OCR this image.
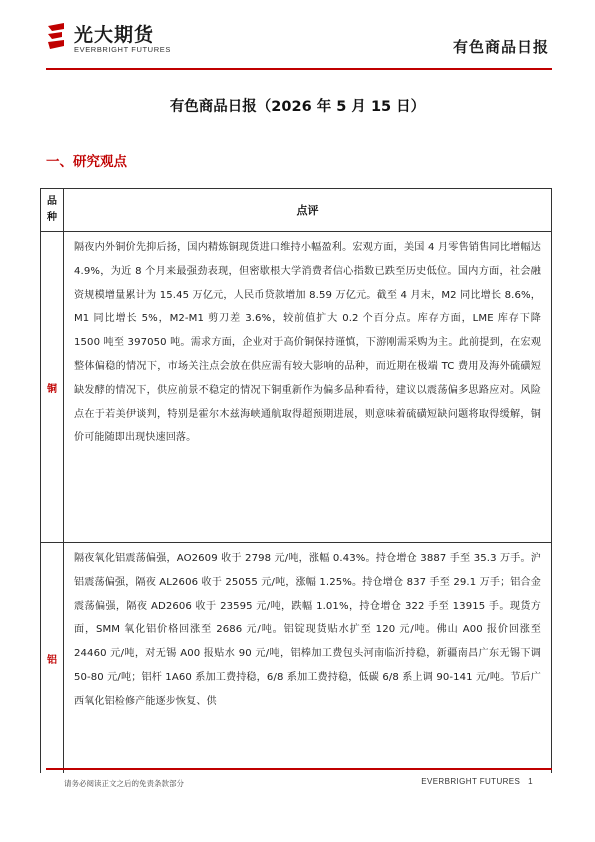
光大期货
EVERBRIGHT FUTURES	有色商品日报
有色商品日报（2026 年 5 月 15 日）
一、研究观点
品种
点评
铜
隔夜内外铜价先抑后扬，国内精炼铜现货进口维持小幅盈利。宏观方面，美国 4 月零售销售同比增幅达 4.9%，为近 8 个月来最强劲表现，但密歇根大学消费者信心指数已跌至历史低位。国内方面，社会融资规模增量累计为 15.45 万亿元，人民币贷款增加 8.59 万亿元。截至 4 月末，M2 同比增长 8.6%，M1 同比增长 5%，M2-M1 剪刀差 3.6%，较前值扩大 0.2 个百分点。库存方面，LME 库存下降 1500 吨至 397050 吨。需求方面，企业对于高价铜保持谨慎，下游刚需采购为主。此前提到，在宏观整体偏稳的情况下，市场关注点会放在供应需有较大影响的品种，而近期在极端 TC 费用及海外硫磺短缺发酵的情况下，供应前景不稳定的情况下铜重新作为偏多品种看待，建议以震荡偏多思路应对。风险点在于若美伊谈判，特别是霍尔木兹海峡通航取得超预期进展，则意味着硫磺短缺问题将取得缓解，铜价可能随即出现快速回落。
铝
隔夜氧化铝震荡偏强，AO2609 收于 2798 元/吨，涨幅 0.43%。持仓增仓 3887 手至 35.3 万手。沪铝震荡偏强，隔夜 AL2606 收于 25055 元/吨，涨幅 1.25%。持仓增仓 837 手至 29.1 万手；铝合金震荡偏强，隔夜 AD2606 收于 23595 元/吨，跌幅 1.01%，持仓增仓 322 手至 13915 手。现货方面，SMM 氧化铝价格回涨至 2686 元/吨。铝锭现货贴水扩至 120 元/吨。佛山 A00 报价回涨至 24460 元/吨，对无锡 A00 报贴水 90 元/吨，铝棒加工费包头河南临沂持稳，新疆南昌广东无锡下调 50-80 元/吨；铝杆 1A60 系加工费持稳，6/8 系加工费持稳，低碳 6/8 系上调 90-141 元/吨。节后广西氧化铝检修产能逐步恢复、供
请务必阅读正文之后的免责条款部分	EVERBRIGHT FUTURES   1
